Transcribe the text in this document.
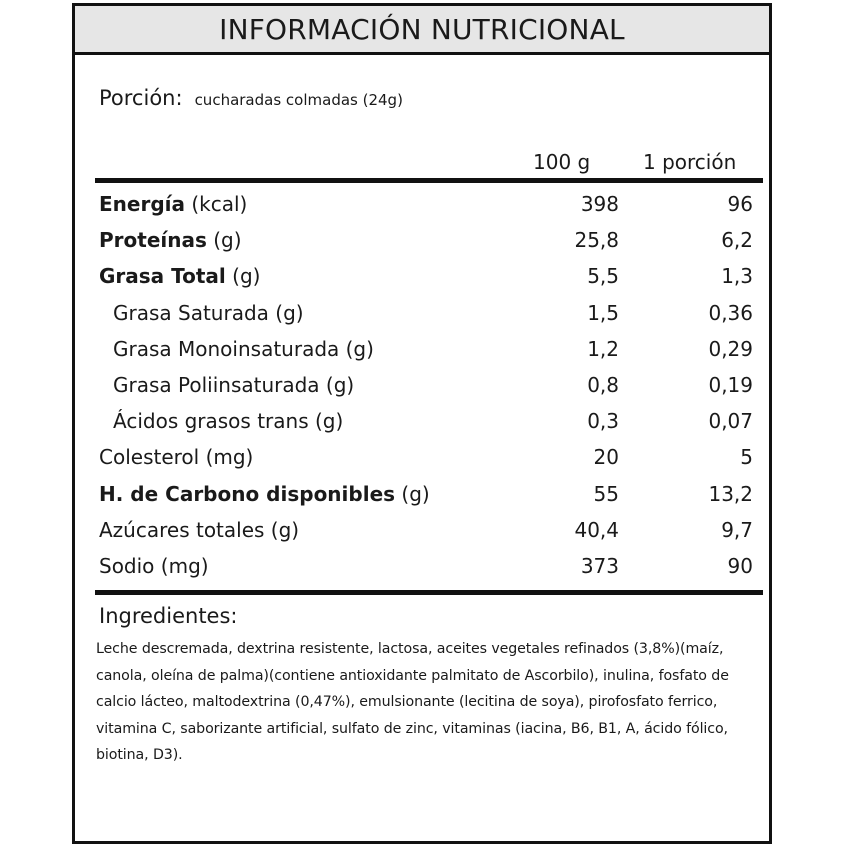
INFORMACIÓN NUTRICIONAL
Porción: cucharadas colmadas (24g)
100 g	1 porción
Energía (kcal)	398	96
Proteínas (g)	25,8	6,2
Grasa Total (g)	5,5	1,3
Grasa Saturada (g)	1,5	0,36
Grasa Monoinsaturada (g)	1,2	0,29
Grasa Poliinsaturada (g)	0,8	0,19
Ácidos grasos trans (g)	0,3	0,07
Colesterol (mg)	20	5
H. de Carbono disponibles (g)	55	13,2
Azúcares totales (g)	40,4	9,7
Sodio (mg)	373	90
Ingredientes:
Leche descremada, dextrina resistente, lactosa, aceites vegetales refinados (3,8%)(maíz, canola, oleína de palma)(contiene antioxidante palmitato de Ascorbilo), inulina, fosfato de calcio lácteo, maltodextrina (0,47%), emulsionante (lecitina de soya), pirofosfato ferrico, vitamina C, saborizante artificial, sulfato de zinc, vitaminas (iacina, B6, B1, A, ácido fólico, biotina, D3).
